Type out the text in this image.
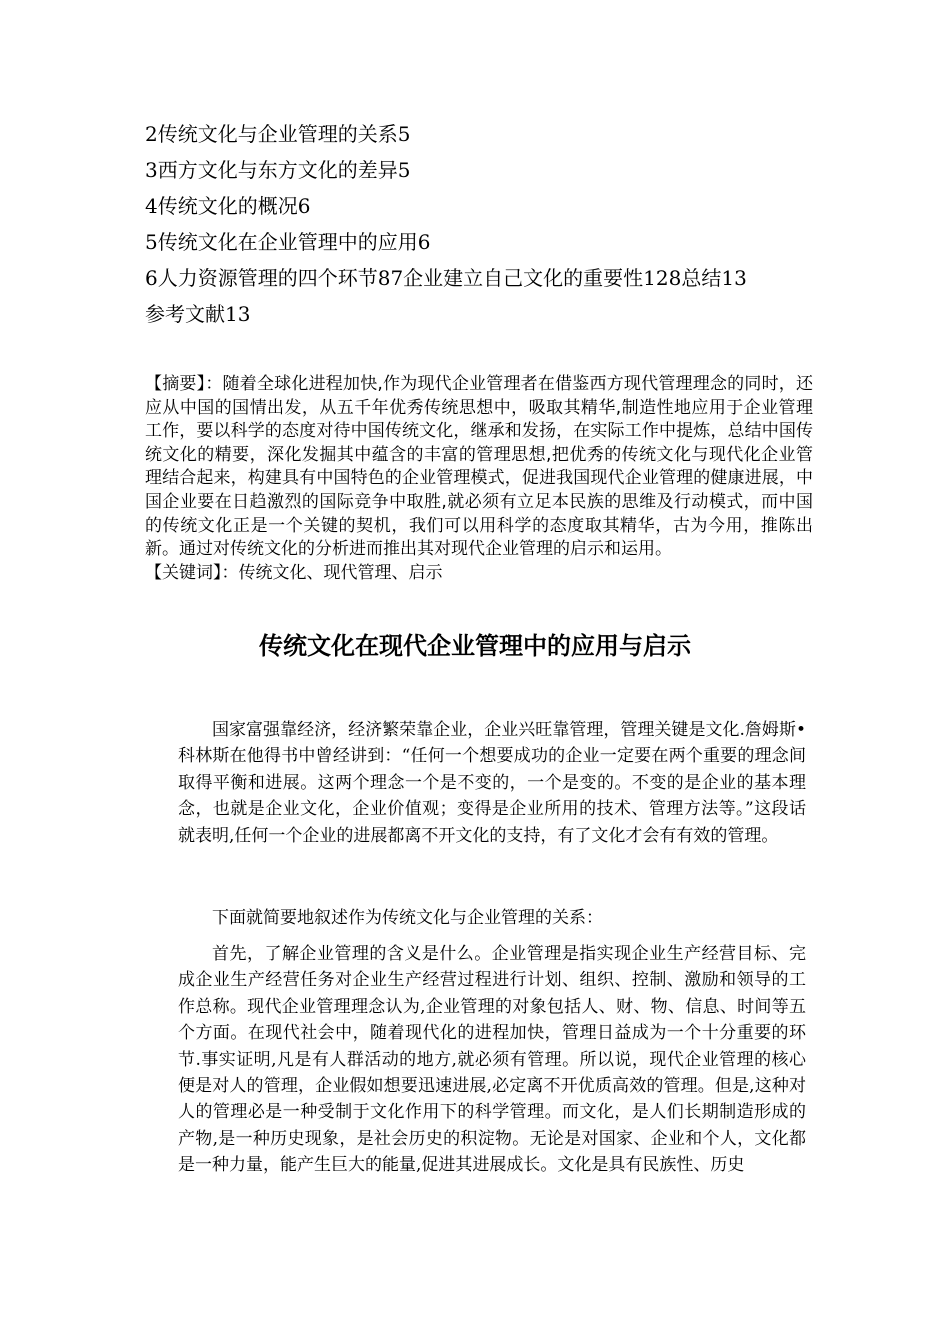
2传统文化与企业管理的关系5
3西方文化与东方文化的差异5
4传统文化的概况6
5传统文化在企业管理中的应用6
6人力资源管理的四个环节87企业建立自己文化的重要性128总结13
参考文献13

【摘要】：随着全球化进程加快,作为现代企业管理者在借鉴西方现代管理理念的同时，还应从中国的国情出发，从五千年优秀传统思想中，吸取其精华,制造性地应用于企业管理工作，要以科学的态度对待中国传统文化，继承和发扬，在实际工作中提炼，总结中国传统文化的精要，深化发掘其中蕴含的丰富的管理思想,把优秀的传统文化与现代化企业管理结合起来，构建具有中国特色的企业管理模式，促进我国现代企业管理的健康进展，中国企业要在日趋激烈的国际竞争中取胜,就必须有立足本民族的思维及行动模式，而中国的传统文化正是一个关键的契机，我们可以用科学的态度取其精华，古为今用，推陈出新。通过对传统文化的分析进而推出其对现代企业管理的启示和运用。

【关键词】：传统文化、现代管理、启示

传统文化在现代企业管理中的应用与启示

国家富强靠经济，经济繁荣靠企业，企业兴旺靠管理，管理关键是文化.詹姆斯•科林斯在他得书中曾经讲到：“任何一个想要成功的企业一定要在两个重要的理念间取得平衡和进展。这两个理念一个是不变的，一个是变的。不变的是企业的基本理念，也就是企业文化，企业价值观；变得是企业所用的技术、管理方法等。”这段话就表明,任何一个企业的进展都离不开文化的支持，有了文化才会有有效的管理。

下面就简要地叙述作为传统文化与企业管理的关系：

首先，了解企业管理的含义是什么。企业管理是指实现企业生产经营目标、完成企业生产经营任务对企业生产经营过程进行计划、组织、控制、激励和领导的工作总称。现代企业管理理念认为,企业管理的对象包括人、财、物、信息、时间等五个方面。在现代社会中，随着现代化的进程加快，管理日益成为一个十分重要的环节.事实证明,凡是有人群活动的地方,就必须有管理。所以说，现代企业管理的核心便是对人的管理，企业假如想要迅速进展,必定离不开优质高效的管理。但是,这种对人的管理必是一种受制于文化作用下的科学管理。而文化，是人们长期制造形成的产物,是一种历史现象，是社会历史的积淀物。无论是对国家、企业和个人，文化都是一种力量，能产生巨大的能量,促进其进展成长。文化是具有民族性、历史
